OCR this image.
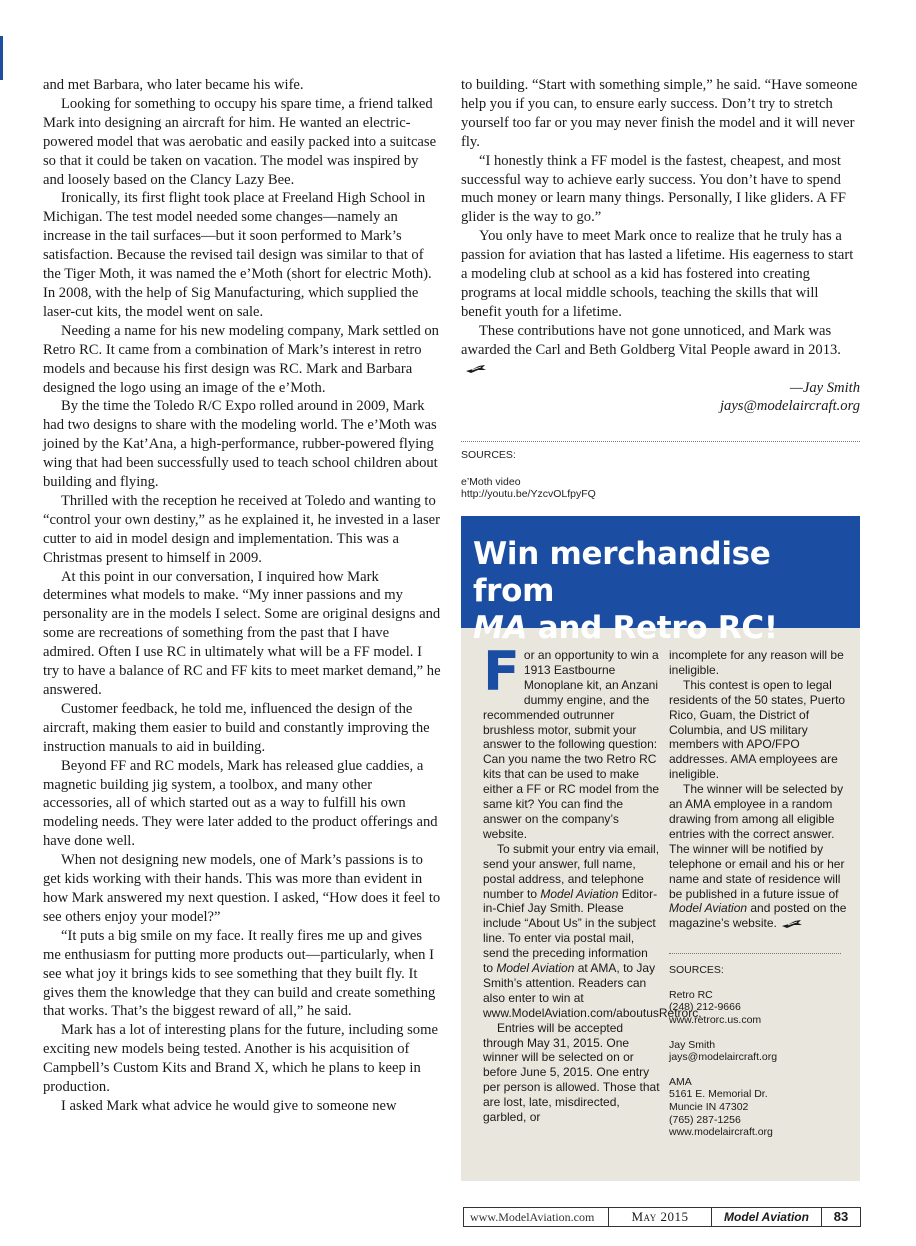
and met Barbara, who later became his wife.

Looking for something to occupy his spare time, a friend talked Mark into designing an aircraft for him. He wanted an electric-powered model that was aerobatic and easily packed into a suitcase so that it could be taken on vacation. The model was inspired by and loosely based on the Clancy Lazy Bee.

Ironically, its first flight took place at Freeland High School in Michigan. The test model needed some changes—namely an increase in the tail surfaces—but it soon performed to Mark’s satisfaction. Because the revised tail design was similar to that of the Tiger Moth, it was named the e’Moth (short for electric Moth). In 2008, with the help of Sig Manufacturing, which supplied the laser-cut kits, the model went on sale.

Needing a name for his new modeling company, Mark settled on Retro RC. It came from a combination of Mark’s interest in retro models and because his first design was RC. Mark and Barbara designed the logo using an image of the e’Moth.

By the time the Toledo R/C Expo rolled around in 2009, Mark had two designs to share with the modeling world. The e’Moth was joined by the Kat’Ana, a high-performance, rubber-powered flying wing that had been successfully used to teach school children about building and flying.

Thrilled with the reception he received at Toledo and wanting to “control your own destiny,” as he explained it, he invested in a laser cutter to aid in model design and implementation. This was a Christmas present to himself in 2009.

At this point in our conversation, I inquired how Mark determines what models to make. “My inner passions and my personality are in the models I select. Some are original designs and some are recreations of something from the past that I have admired. Often I use RC in ultimately what will be a FF model. I try to have a balance of RC and FF kits to meet market demand,” he answered.

Customer feedback, he told me, influenced the design of the aircraft, making them easier to build and constantly improving the instruction manuals to aid in building.

Beyond FF and RC models, Mark has released glue caddies, a magnetic building jig system, a toolbox, and many other accessories, all of which started out as a way to fulfill his own modeling needs. They were later added to the product offerings and have done well.

When not designing new models, one of Mark’s passions is to get kids working with their hands. This was more than evident in how Mark answered my next question. I asked, “How does it feel to see others enjoy your model?”

“It puts a big smile on my face. It really fires me up and gives me enthusiasm for putting more products out—particularly, when I see what joy it brings kids to see something that they built fly. It gives them the knowledge that they can build and create something that works. That’s the biggest reward of all,” he said.

Mark has a lot of interesting plans for the future, including some exciting new models being tested. Another is his acquisition of Campbell’s Custom Kits and Brand X, which he plans to keep in production.

I asked Mark what advice he would give to someone new

to building. “Start with something simple,” he said. “Have someone help you if you can, to ensure early success. Don’t try to stretch yourself too far or you may never finish the model and it will never fly.

“I honestly think a FF model is the fastest, cheapest, and most successful way to achieve early success. You don’t have to spend much money or learn many things. Personally, I like gliders. A FF glider is the way to go.”

You only have to meet Mark once to realize that he truly has a passion for aviation that has lasted a lifetime. His eagerness to start a modeling club at school as a kid has fostered into creating programs at local middle schools, teaching the skills that will benefit youth for a lifetime.

These contributions have not gone unnoticed, and Mark was awarded the Carl and Beth Goldberg Vital People award in 2013.

—Jay Smith

jays@modelaircraft.org

SOURCES:
e’Moth video
http://youtu.be/YzcvOLfpyFQ
Win merchandise from
MA and Retro RC!

For an opportunity to win a 1913 Eastbourne Monoplane kit, an Anzani dummy engine, and the recommended outrunner brushless motor, submit your answer to the following question: Can you name the two Retro RC kits that can be used to make either a FF or RC model from the same kit? You can find the answer on the company’s website.

To submit your entry via email, send your answer, full name, postal address, and telephone number to Model Aviation Editor-in-Chief Jay Smith. Please include “About Us” in the subject line. To enter via postal mail, send the preceding information to Model Aviation at AMA, to Jay Smith’s attention. Readers can also enter to win at www.ModelAviation.com/aboutusRetrorc.

Entries will be accepted through May 31, 2015. One winner will be selected on or before June 5, 2015. One entry per person is allowed. Those that are lost, late, misdirected, garbled, or

incomplete for any reason will be ineligible.

This contest is open to legal residents of the 50 states, Puerto Rico, Guam, the District of Columbia, and US military members with APO/FPO addresses. AMA employees are ineligible.

The winner will be selected by an AMA employee in a random drawing from among all eligible entries with the correct answer. The winner will be notified by telephone or email and his or her name and state of residence will be published in a future issue of Model Aviation and posted on the magazine’s website.

SOURCES:
Retro RC
(248) 212-9666
www.retrorc.us.com
Jay Smith
jays@modelaircraft.org
AMA
5161 E. Memorial Dr.
Muncie IN 47302
(765) 287-1256
www.modelaircraft.org
www.ModelAviation.com	May 2015	Model Aviation	83
